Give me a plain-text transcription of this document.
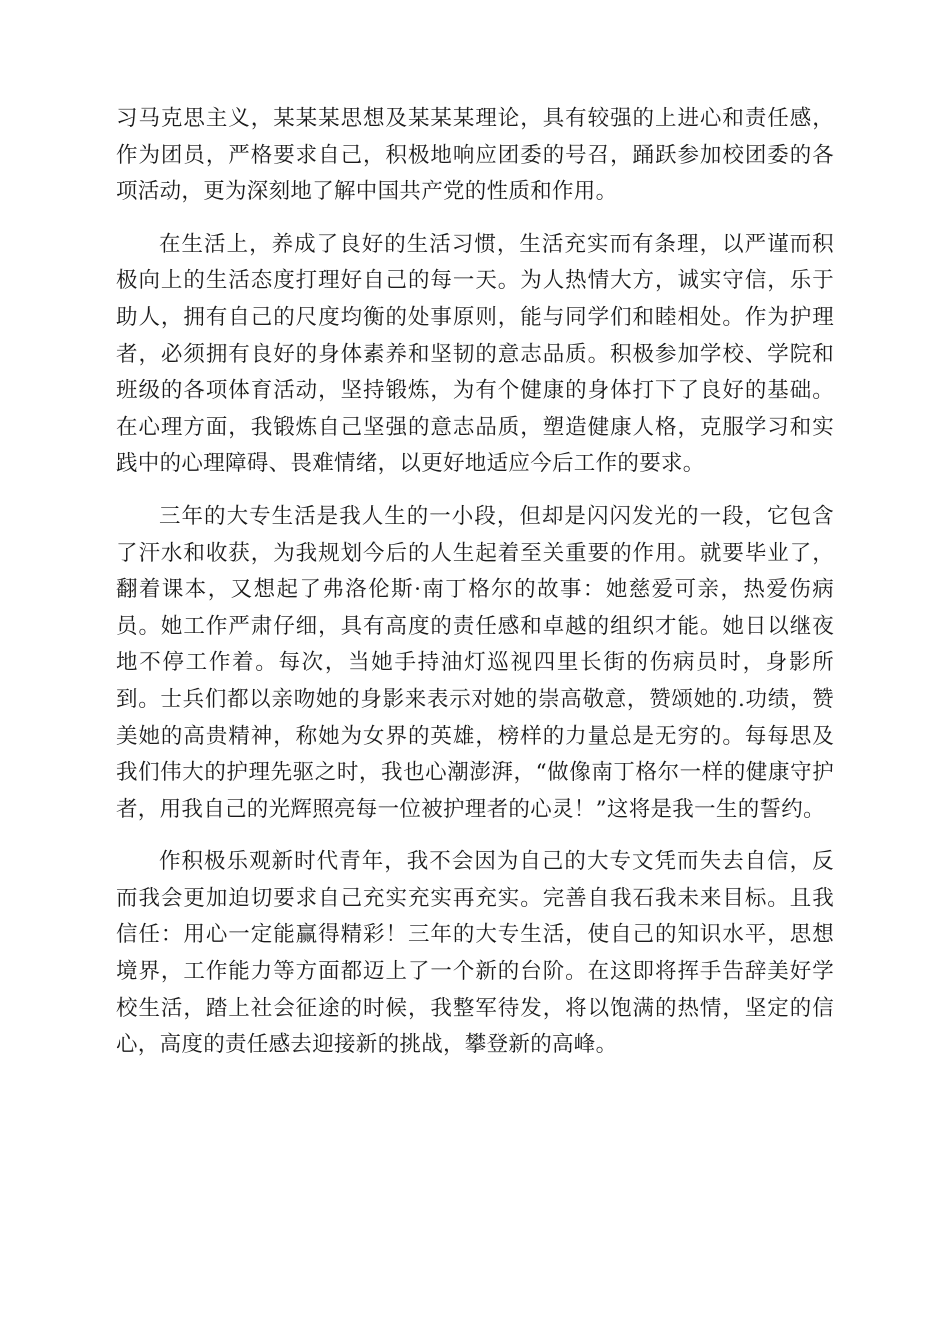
习马克思主义，某某某思想及某某某理论，具有较强的上进心和责任感，作为团员，严格要求自己，积极地响应团委的号召，踊跃参加校团委的各项活动，更为深刻地了解中国共产党的性质和作用。

在生活上，养成了良好的生活习惯，生活充实而有条理，以严谨而积极向上的生活态度打理好自己的每一天。为人热情大方，诚实守信，乐于助人，拥有自己的尺度均衡的处事原则，能与同学们和睦相处。作为护理者，必须拥有良好的身体素养和坚韧的意志品质。积极参加学校、学院和班级的各项体育活动，坚持锻炼，为有个健康的身体打下了良好的基础。在心理方面，我锻炼自己坚强的意志品质，塑造健康人格，克服学习和实践中的心理障碍、畏难情绪，以更好地适应今后工作的要求。

三年的大专生活是我人生的一小段，但却是闪闪发光的一段，它包含了汗水和收获，为我规划今后的人生起着至关重要的作用。就要毕业了，翻着课本，又想起了弗洛伦斯·南丁格尔的故事：她慈爱可亲，热爱伤病员。她工作严肃仔细，具有高度的责任感和卓越的组织才能。她日以继夜地不停工作着。每次，当她手持油灯巡视四里长街的伤病员时，身影所到。士兵们都以亲吻她的身影来表示对她的崇高敬意，赞颂她的.功绩，赞美她的高贵精神，称她为女界的英雄，榜样的力量总是无穷的。每每思及我们伟大的护理先驱之时，我也心潮澎湃，“做像南丁格尔一样的健康守护者，用我自己的光辉照亮每一位被护理者的心灵！”这将是我一生的誓约。

作积极乐观新时代青年，我不会因为自己的大专文凭而失去自信，反而我会更加迫切要求自己充实充实再充实。完善自我石我未来目标。且我信任：用心一定能赢得精彩！三年的大专生活，使自己的知识水平，思想境界，工作能力等方面都迈上了一个新的台阶。在这即将挥手告辞美好学校生活，踏上社会征途的时候，我整军待发，将以饱满的热情，坚定的信心，高度的责任感去迎接新的挑战，攀登新的高峰。
